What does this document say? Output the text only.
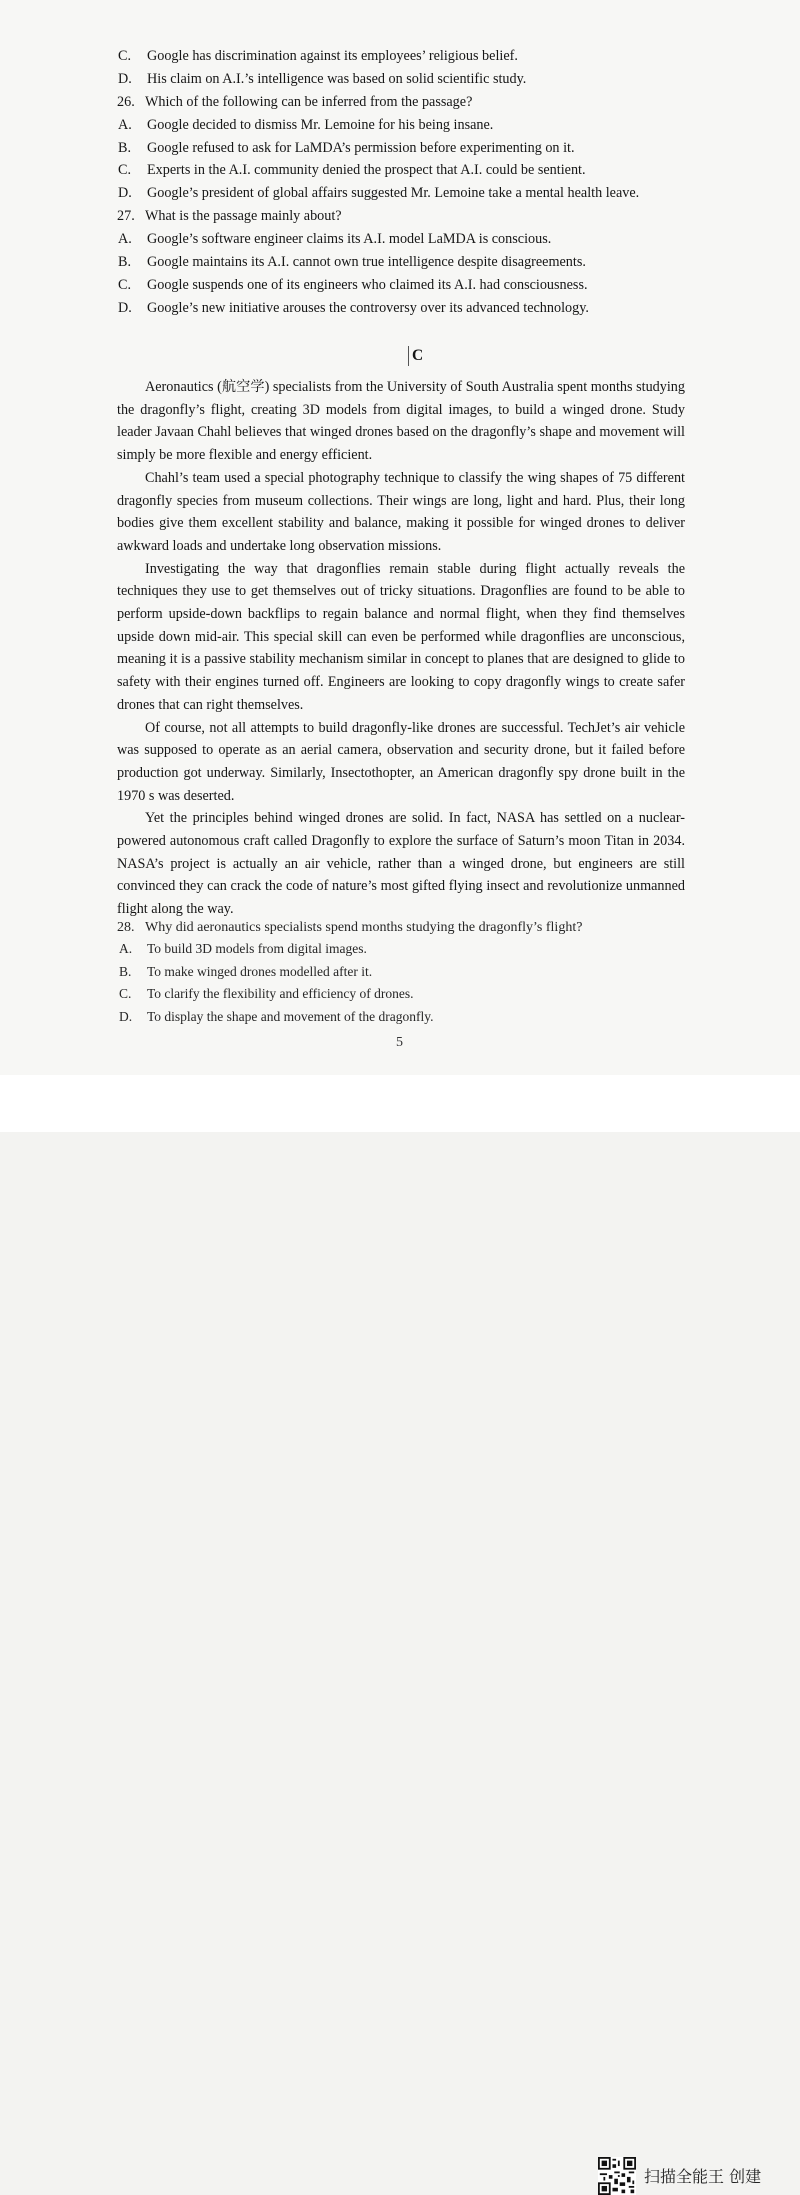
C. Google has discrimination against its employees’ religious belief.
D. His claim on A.I.’s intelligence was based on solid scientific study.
26. Which of the following can be inferred from the passage?
A. Google decided to dismiss Mr. Lemoine for his being insane.
B. Google refused to ask for LaMDA’s permission before experimenting on it.
C. Experts in the A.I. community denied the prospect that A.I. could be sentient.
D. Google’s president of global affairs suggested Mr. Lemoine take a mental health leave.
27. What is the passage mainly about?
A. Google’s software engineer claims its A.I. model LaMDA is conscious.
B. Google maintains its A.I. cannot own true intelligence despite disagreements.
C. Google suspends one of its engineers who claimed its A.I. had consciousness.
D. Google’s new initiative arouses the controversy over its advanced technology.
C

Aeronautics (航空学) specialists from the University of South Australia spent months studying the dragonfly’s flight, creating 3D models from digital images, to build a winged drone. Study leader Javaan Chahl believes that winged drones based on the dragonfly’s shape and movement will simply be more flexible and energy efficient.

Chahl’s team used a special photography technique to classify the wing shapes of 75 different dragonfly species from museum collections. Their wings are long, light and hard. Plus, their long bodies give them excellent stability and balance, making it possible for winged drones to deliver awkward loads and undertake long observation missions.

Investigating the way that dragonflies remain stable during flight actually reveals the techniques they use to get themselves out of tricky situations. Dragonflies are found to be able to perform upside-down backflips to regain balance and normal flight, when they find themselves upside down mid-air. This special skill can even be performed while dragonflies are unconscious, meaning it is a passive stability mechanism similar in concept to planes that are designed to glide to safety with their engines turned off. Engineers are looking to copy dragonfly wings to create safer drones that can right themselves.

Of course, not all attempts to build dragonfly-like drones are successful. TechJet’s air vehicle was supposed to operate as an aerial camera, observation and security drone, but it failed before production got underway. Similarly, Insectothopter, an American dragonfly spy drone built in the 1970 s was deserted.

Yet the principles behind winged drones are solid. In fact, NASA has settled on a nuclear-powered autonomous craft called Dragonfly to explore the surface of Saturn’s moon Titan in 2034. NASA’s project is actually an air vehicle, rather than a winged drone, but engineers are still convinced they can crack the code of nature’s most gifted flying insect and revolutionize unmanned flight along the way.

28. Why did aeronautics specialists spend months studying the dragonfly’s flight?
A. To build 3D models from digital images.
B. To make winged drones modelled after it.
C. To clarify the flexibility and efficiency of drones.
D. To display the shape and movement of the dragonfly.
5
扫描全能王 创建
